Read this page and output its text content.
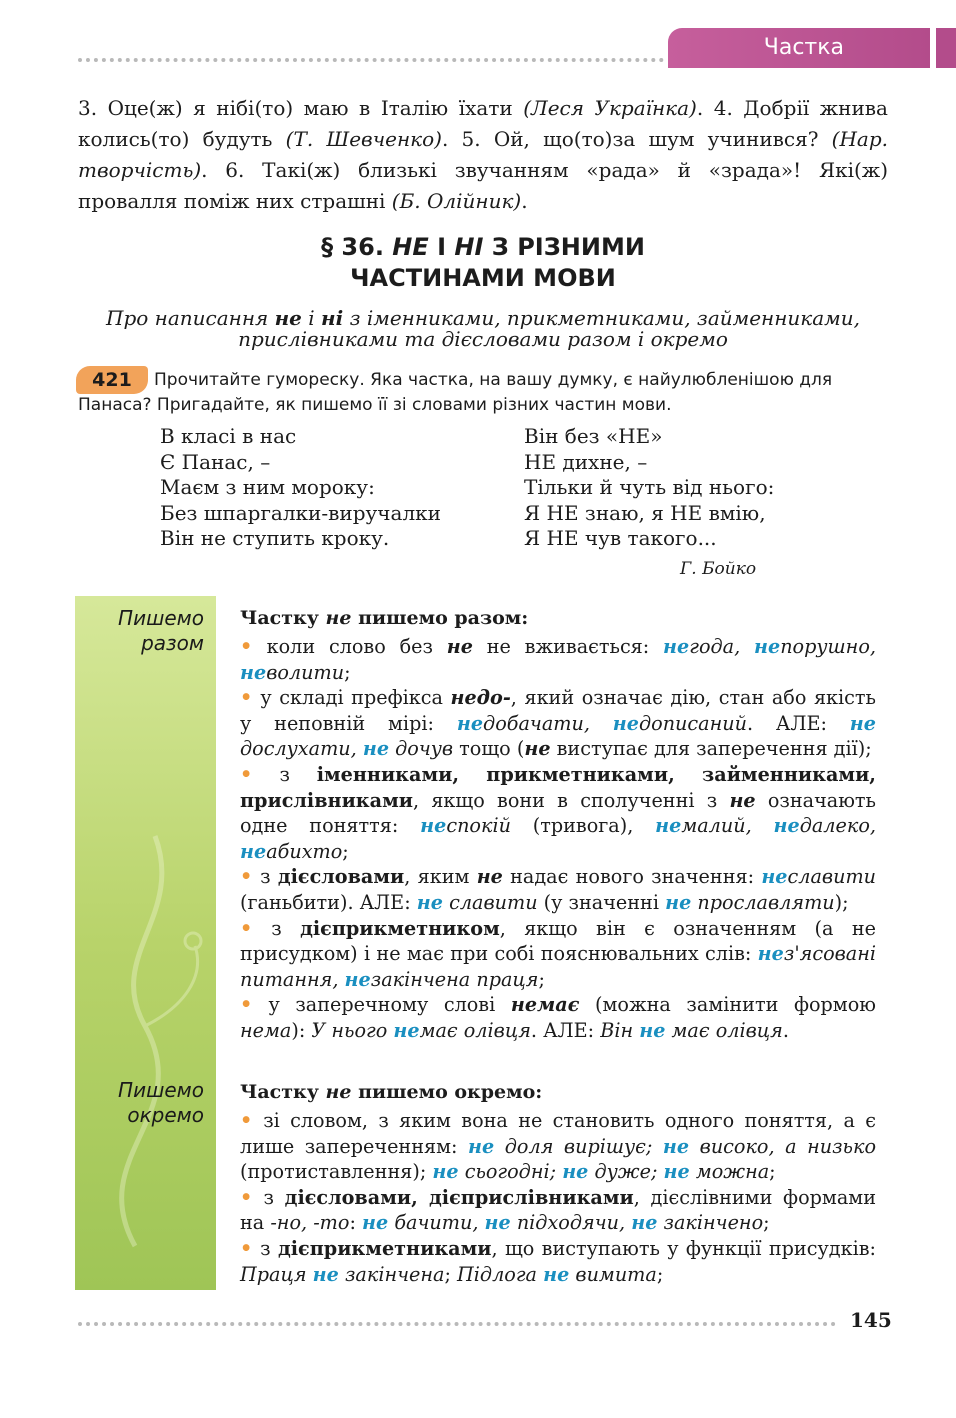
Частка
3. Оце(ж) я нібі(то) маю в Італію їхати (Леся Українка). 4. Добрії жнива колись(то) будуть (Т. Шевченко). 5. Ой, що(то)за шум учинився? (Нар. творчість). 6. Такі(ж) близькі звучанням «рада» й «зрада»! Які(ж) провалля поміж них страшні (Б. Олійник).
§ 36. НЕ І НІ З РІЗНИМИ
ЧАСТИНАМИ МОВИ
Про написання не і ні з іменниками, прикметниками, займенниками,
прислівниками та дієсловами разом і окремо
421	Прочитайте гумореску. Яка частка, на вашу думку, є найулюбленішою для Панаса? Пригадайте, як пишемо її зі словами різних частин мови.
В класі в нас
Є Панас, –
Маєм з ним мороку:
Без шпаргалки-виручалки
Він не ступить кроку.
Він без «НЕ»
НЕ дихне, –
Тільки й чуть від нього:
Я НЕ знаю, я НЕ вмію,
Я НЕ чув такого...
Г. Бойко
Пишемо
разом
Пишемо
окремо
Частку не пишемо разом:
• коли слово без не не вживається: негода, непорушно, неволити;
• у складі префікса недо-, який означає дію, стан або якість у неповній мірі: недобачати, недописаний. АЛЕ: не дослухати, не дочув тощо (не виступає для заперечення дії);
• з іменниками, прикметниками, займенниками, прислівниками, якщо вони в сполученні з не означають одне поняття: неспокій (тривога), немалий, недалеко, неабихто;
• з дієсловами, яким не надає нового значення: неславити (ганьбити). АЛЕ: не славити (у значенні не прославляти);
• з дієприкметником, якщо він є означенням (а не присудком) і не має при собі пояснювальних слів: нез'ясовані питання, незакінчена праця;
• у заперечному слові немає (можна замінити формою нема): У нього немає олівця. АЛЕ: Він не має олівця.
Частку не пишемо окремо:
• зі словом, з яким вона не становить одного поняття, а є лише запереченням: не доля вирішує; не високо, а низько (протиставлення); не сьогодні; не дуже; не можна;
• з дієсловами, дієприслівниками, дієслівними формами на -но, -то: не бачити, не підходячи, не закінчено;
• з дієприкметниками, що виступають у функції присудків: Праця не закінчена; Підлога не вимита;
145
